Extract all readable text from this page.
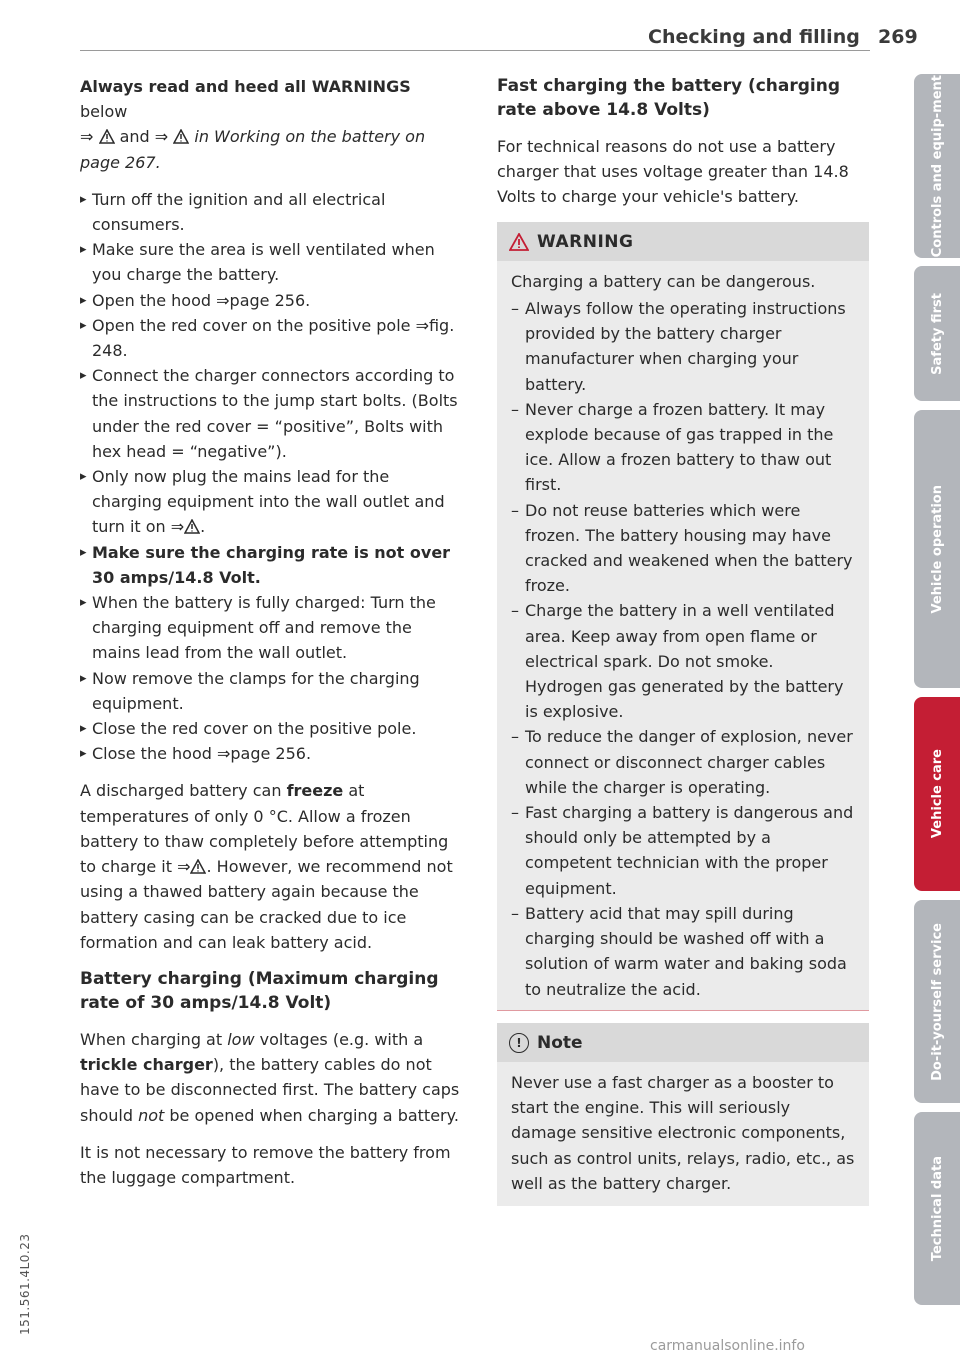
Checking and filling 269

Always read and heed all WARNINGS below
⇒  and ⇒  in Working on the battery on page 267.

▸ Turn off the ignition and all electrical consumers.
▸ Make sure the area is well ventilated when you charge the battery.
▸ Open the hood ⇒page 256.
▸ Open the red cover on the positive pole ⇒fig. 248.
▸ Connect the charger connectors according to the instructions to the jump start bolts. (Bolts under the red cover = “positive”, Bolts with hex head = “negative”).
▸ Only now plug the mains lead for the charging equipment into the wall outlet and turn it on ⇒ .
▸ Make sure the charging rate is not over 30 amps/14.8 Volt.
▸ When the battery is fully charged: Turn the charging equipment off and remove the mains lead from the wall outlet.
▸ Now remove the clamps for the charging equipment.
▸ Close the red cover on the positive pole.
▸ Close the hood ⇒page 256.

A discharged battery can freeze at temperatures of only 0 °C. Allow a frozen battery to thaw completely before attempting to charge it ⇒ . However, we recommend not using a thawed battery again because the battery casing can be cracked due to ice formation and can leak battery acid.

Battery charging (Maximum charging rate of 30 amps/14.8 Volt)

When charging at low voltages (e.g. with a trickle charger), the battery cables do not have to be disconnected first. The battery caps should not be opened when charging a battery.

It is not necessary to remove the battery from the luggage compartment.

Fast charging the battery (charging rate above 14.8 Volts)

For technical reasons do not use a battery charger that uses voltage greater than 14.8 Volts to charge your vehicle's battery.

WARNING

Charging a battery can be dangerous.

– Always follow the operating instructions provided by the battery charger manufacturer when charging your battery.
– Never charge a frozen battery. It may explode because of gas trapped in the ice. Allow a frozen battery to thaw out first.
– Do not reuse batteries which were frozen. The battery housing may have cracked and weakened when the battery froze.
– Charge the battery in a well ventilated area. Keep away from open flame or electrical spark. Do not smoke. Hydrogen gas generated by the battery is explosive.
– To reduce the danger of explosion, never connect or disconnect charger cables while the charger is operating.
– Fast charging a battery is dangerous and should only be attempted by a competent technician with the proper equipment.
– Battery acid that may spill during charging should be washed off with a solution of warm water and baking soda to neutralize the acid.
! Note
Never use a fast charger as a booster to start the engine. This will seriously damage sensitive electronic components, such as control units, relays, radio, etc., as well as the battery charger.
Controls and equip-ment
Safety first
Vehicle operation
Vehicle care
Do-it-yourself service
Technical data
151.561.4L0.23
carmanualsonline.info
